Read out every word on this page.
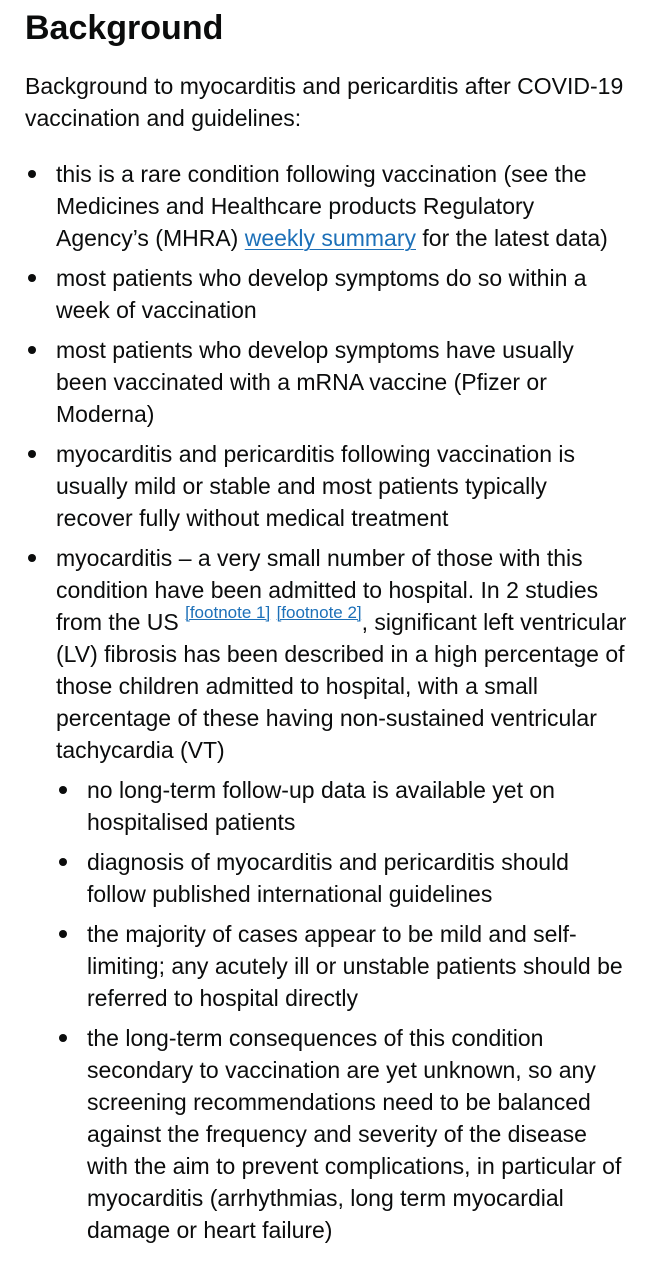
Background

Background to myocarditis and pericarditis after COVID-19 vaccination and guidelines:

this is a rare condition following vaccination (see the Medicines and Healthcare products Regulatory Agency’s (MHRA) weekly summary for the latest data)
most patients who develop symptoms do so within a week of vaccination
most patients who develop symptoms have usually been vaccinated with a mRNA vaccine (Pfizer or Moderna)
myocarditis and pericarditis following vaccination is usually mild or stable and most patients typically recover fully without medical treatment
myocarditis – a very small number of those with this condition have been admitted to hospital. In 2 studies from the US [footnote 1] [footnote 2], significant left ventricular (LV) fibrosis has been described in a high percentage of those children admitted to hospital, with a small percentage of these having non-sustained ventricular tachycardia (VT)
no long-term follow-up data is available yet on hospitalised patients
diagnosis of myocarditis and pericarditis should follow published international guidelines
the majority of cases appear to be mild and self-limiting; any acutely ill or unstable patients should be referred to hospital directly
the long-term consequences of this condition secondary to vaccination are yet unknown, so any screening recommendations need to be balanced against the frequency and severity of the disease with the aim to prevent complications, in particular of myocarditis (arrhythmias, long term myocardial damage or heart failure)
